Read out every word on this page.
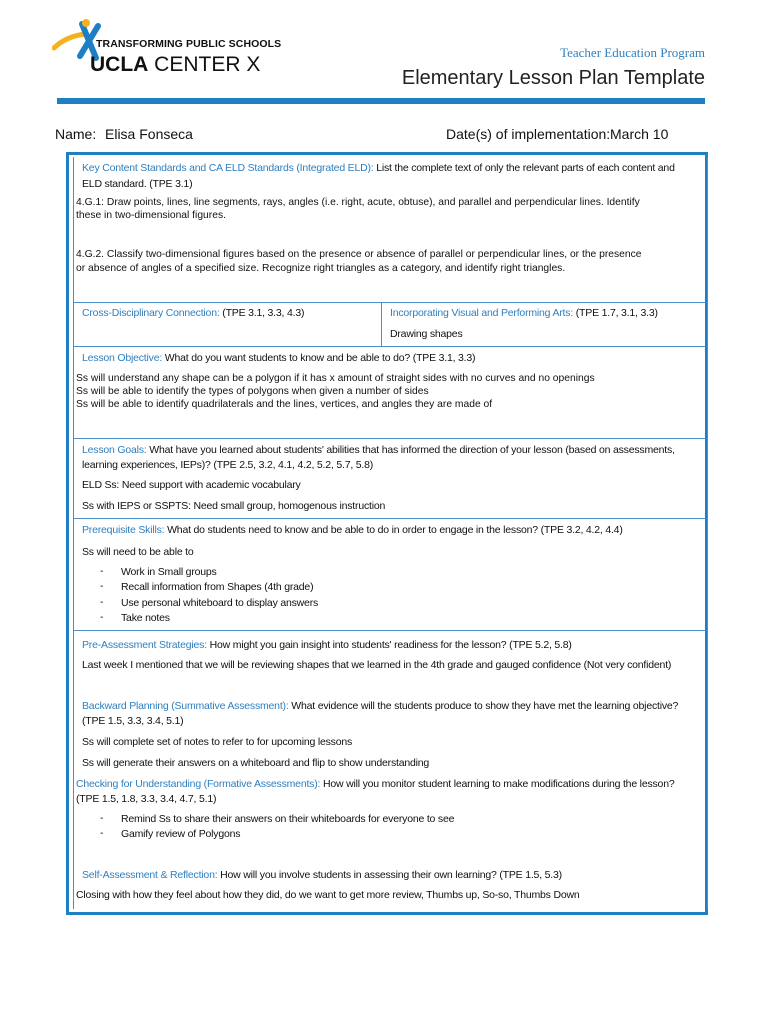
TRANSFORMING PUBLIC SCHOOLS
UCLA CENTER X
Teacher Education Program
Elementary Lesson Plan Template
Name: Elisa Fonseca	Date(s) of implementation: March 10
Key Content Standards and CA ELD Standards (Integrated ELD): List the complete text of only the relevant parts of each content and
ELD standard. (TPE 3.1)
4.G.1: Draw points, lines, line segments, rays, angles (i.e. right, acute, obtuse), and parallel and perpendicular lines. Identify
these in two-dimensional figures.
4.G.2. Classify two-dimensional figures based on the presence or absence of parallel or perpendicular lines, or the presence
or absence of angles of a specified size. Recognize right triangles as a category, and identify right triangles.
Cross-Disciplinary Connection: (TPE 3.1, 3.3, 4.3)	Incorporating Visual and Performing Arts: (TPE 1.7, 3.1, 3.3)
Drawing shapes
Lesson Objective: What do you want students to know and be able to do? (TPE 3.1, 3.3)
Ss will understand any shape can be a polygon if it has x amount of straight sides with no curves and no openings
Ss will be able to identify the types of polygons when given a number of sides
Ss will be able to identify quadrilaterals and the lines, vertices, and angles they are made of
Lesson Goals: What have you learned about students' abilities that has informed the direction of your lesson (based on assessments,
learning experiences, IEPs)? (TPE 2.5, 3.2, 4.1, 4.2, 5.2, 5.7, 5.8)
ELD Ss: Need support with academic vocabulary
Ss with IEPS or SSPTS: Need small group, homogenous instruction
Prerequisite Skills: What do students need to know and be able to do in order to engage in the lesson? (TPE 3.2, 4.2, 4.4)
Ss will need to be able to
- Work in Small groups
- Recall information from Shapes (4th grade)
- Use personal whiteboard to display answers
- Take notes
Pre-Assessment Strategies: How might you gain insight into students' readiness for the lesson? (TPE 5.2, 5.8)
Last week I mentioned that we will be reviewing shapes that we learned in the 4th grade and gauged confidence (Not very confident)
Backward Planning (Summative Assessment): What evidence will the students produce to show they have met the learning objective?
(TPE 1.5, 3.3, 3.4, 5.1)
Ss will complete set of notes to refer to for upcoming lessons
Ss will generate their answers on a whiteboard and flip to show understanding
Checking for Understanding (Formative Assessments): How will you monitor student learning to make modifications during the lesson?
(TPE 1.5, 1.8, 3.3, 3.4, 4.7, 5.1)
- Remind Ss to share their answers on their whiteboards for everyone to see
- Gamify review of Polygons
Self-Assessment & Reflection: How will you involve students in assessing their own learning? (TPE 1.5, 5.3)
Closing with how they feel about how they did, do we want to get more review, Thumbs up, So-so, Thumbs Down
